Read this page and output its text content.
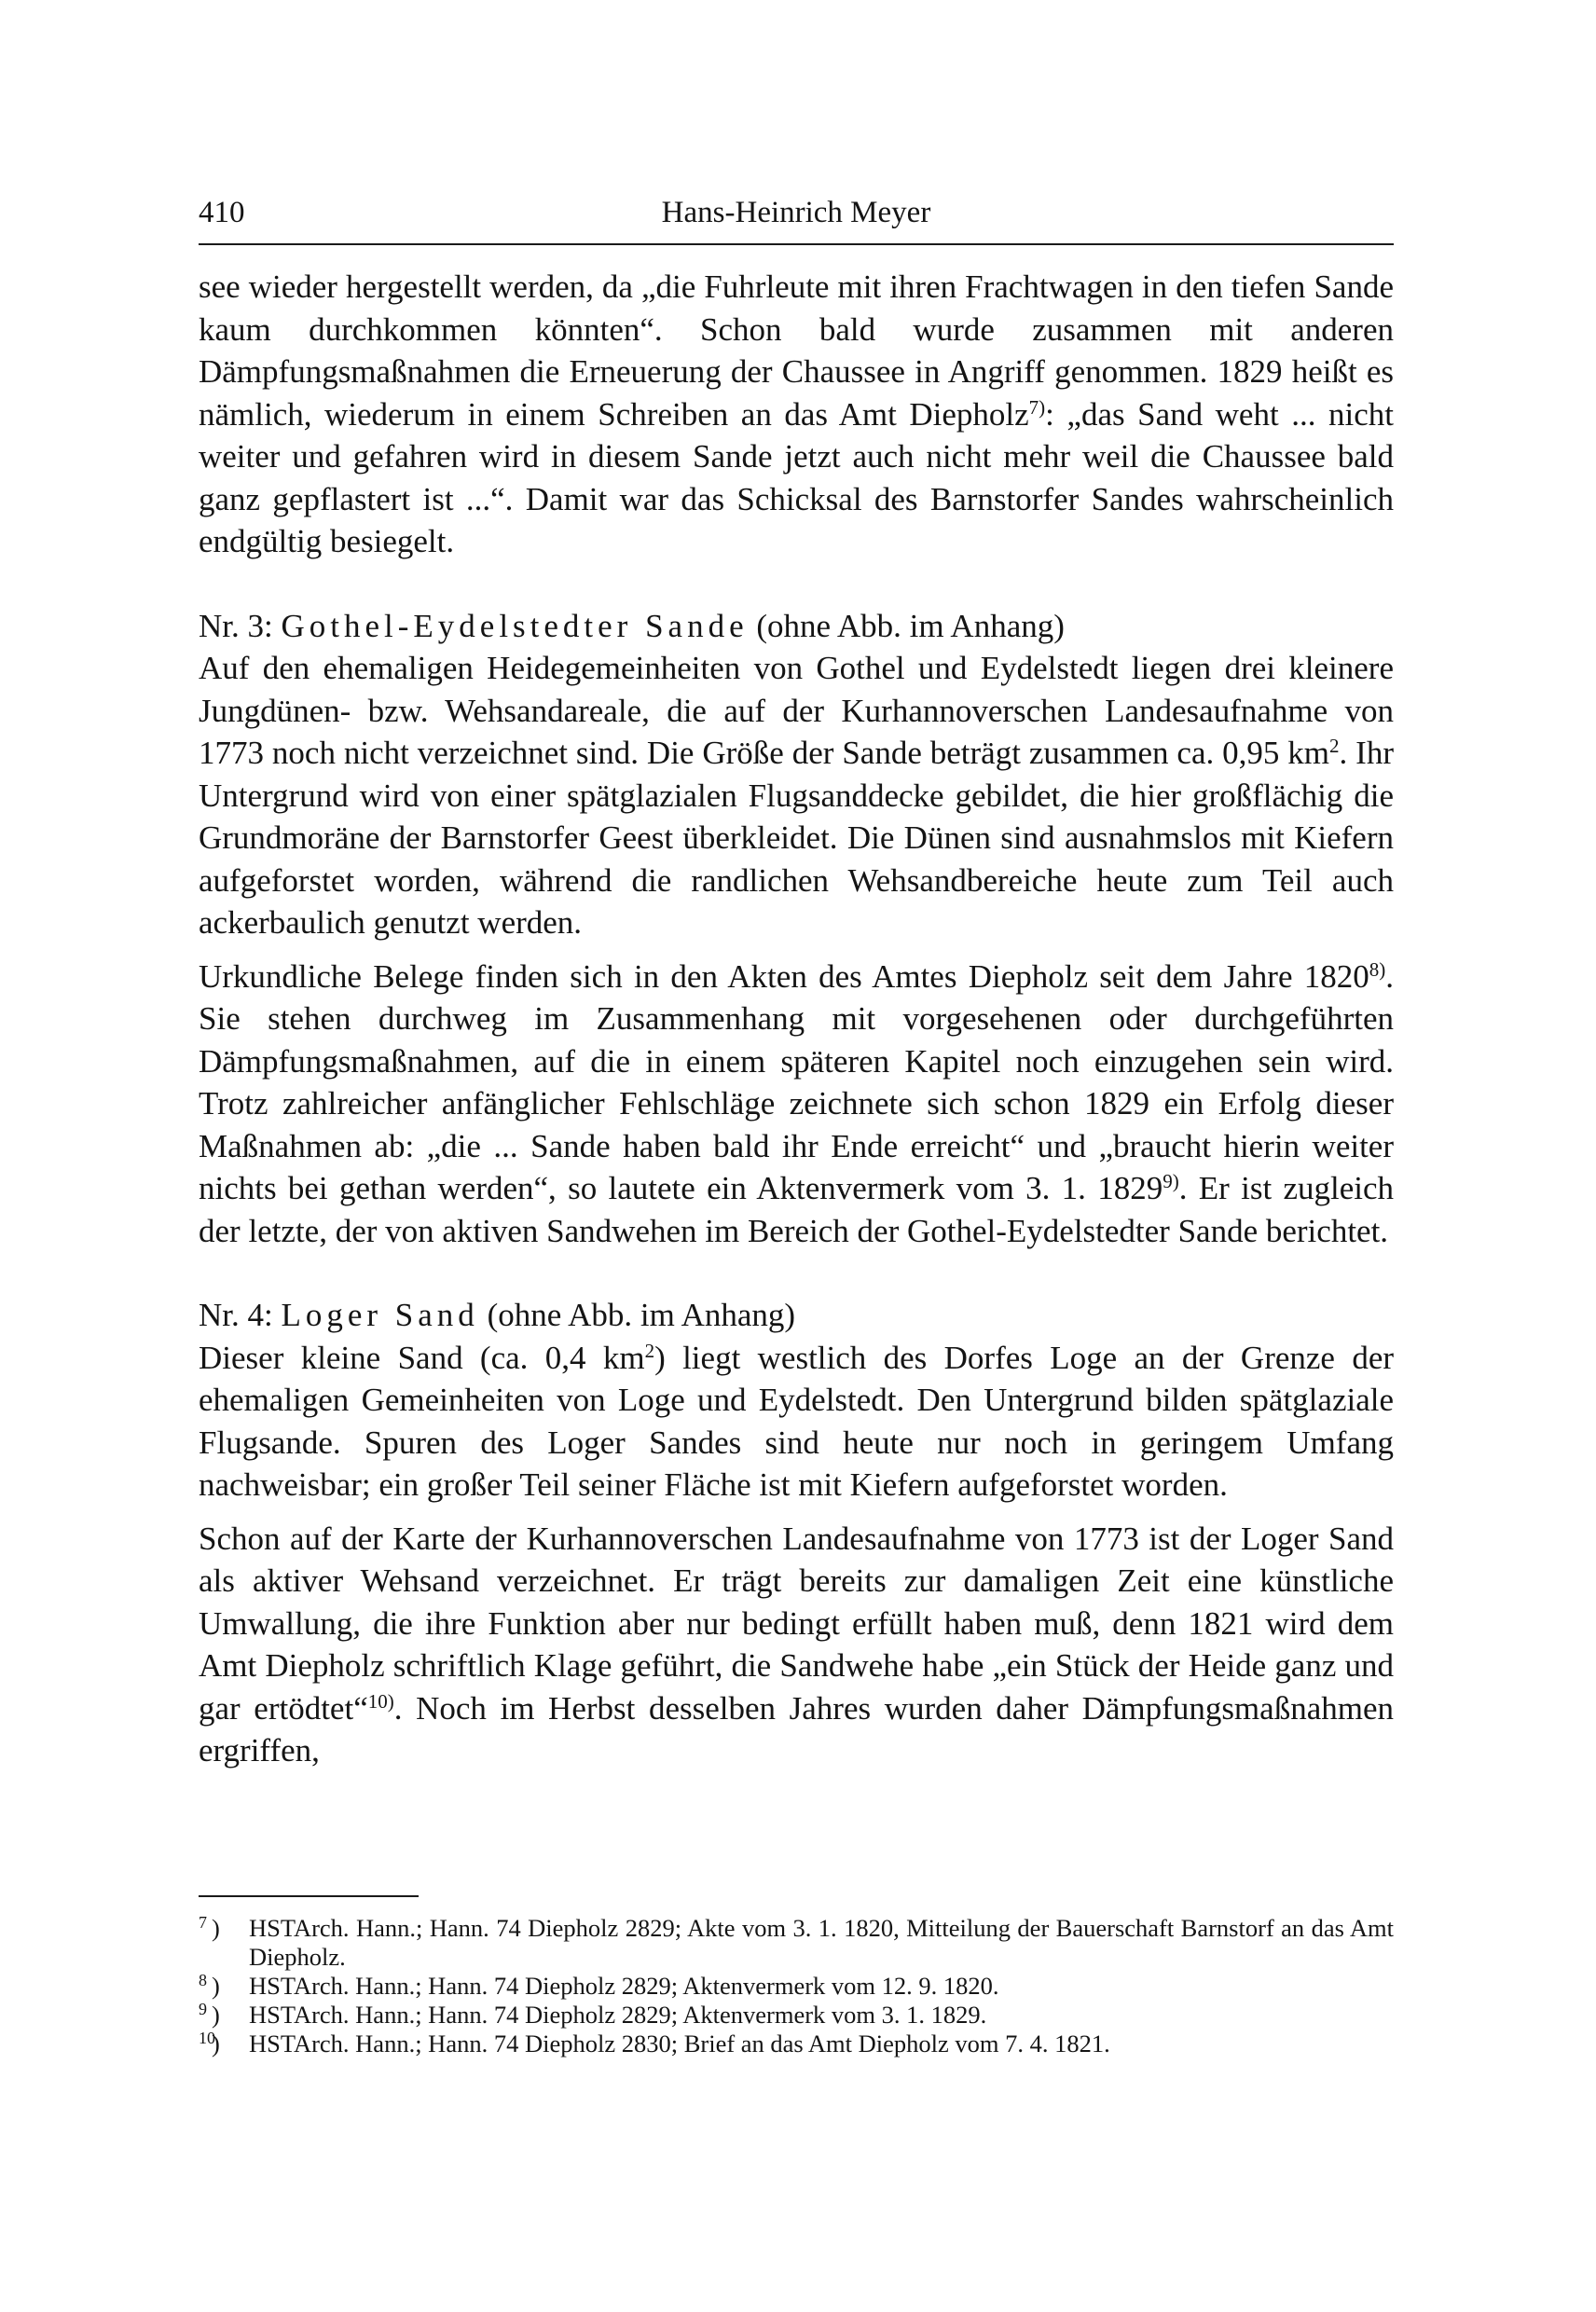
410	Hans-Heinrich Meyer

see wieder hergestellt werden, da „die Fuhrleute mit ihren Frachtwagen in den tiefen Sande kaum durchkommen könnten“. Schon bald wurde zusammen mit anderen Dämpfungsmaßnahmen die Erneuerung der Chaussee in Angriff genommen. 1829 heißt es nämlich, wiederum in einem Schreiben an das Amt Diepholz$^{7)}$: „das Sand weht ... nicht weiter und gefahren wird in diesem Sande jetzt auch nicht mehr weil die Chaussee bald ganz gepflastert ist ...“. Damit war das Schicksal des Barnstorfer Sandes wahrscheinlich endgültig besiegelt.

Nr. 3: Gothel-Eydelstedter Sande (ohne Abb. im Anhang)

Auf den ehemaligen Heidegemeinheiten von Gothel und Eydelstedt liegen drei kleinere Jungdünen- bzw. Wehsandareale, die auf der Kurhannoverschen Landesaufnahme von 1773 noch nicht verzeichnet sind. Die Größe der Sande beträgt zusammen ca. 0,95 $km^2$. Ihr Untergrund wird von einer spätglazialen Flugsanddecke gebildet, die hier großflächig die Grundmoräne der Barnstorfer Geest überkleidet. Die Dünen sind ausnahmslos mit Kiefern aufgeforstet worden, während die randlichen Wehsandbereiche heute zum Teil auch ackerbaulich genutzt werden.

Urkundliche Belege finden sich in den Akten des Amtes Diepholz seit dem Jahre 1820$^{8)}$. Sie stehen durchweg im Zusammenhang mit vorgesehenen oder durchgeführten Dämpfungsmaßnahmen, auf die in einem späteren Kapitel noch einzugehen sein wird. Trotz zahlreicher anfänglicher Fehlschläge zeichnete sich schon 1829 ein Erfolg dieser Maßnahmen ab: „die ... Sande haben bald ihr Ende erreicht“ und „braucht hierin weiter nichts bei gethan werden“, so lautete ein Aktenvermerk vom 3. 1. 1829$^{9)}$. Er ist zugleich der letzte, der von aktiven Sandwehen im Bereich der Gothel-Eydelstedter Sande berichtet.

Nr. 4: Loger Sand (ohne Abb. im Anhang)

Dieser kleine Sand (ca. 0,4 $km^2$) liegt westlich des Dorfes Loge an der Grenze der ehemaligen Gemeinheiten von Loge und Eydelstedt. Den Untergrund bilden spätglaziale Flugsande. Spuren des Loger Sandes sind heute nur noch in geringem Umfang nachweisbar; ein großer Teil seiner Fläche ist mit Kiefern aufgeforstet worden.

Schon auf der Karte der Kurhannoverschen Landesaufnahme von 1773 ist der Loger Sand als aktiver Wehsand verzeichnet. Er trägt bereits zur damaligen Zeit eine künstliche Umwallung, die ihre Funktion aber nur bedingt erfüllt haben muß, denn 1821 wird dem Amt Diepholz schriftlich Klage geführt, die Sandwehe habe „ein Stück der Heide ganz und gar ertödtet“$^{10)}$. Noch im Herbst desselben Jahres wurden daher Dämpfungsmaßnahmen ergriffen,

7 ) HSTArch. Hann.; Hann. 74 Diepholz 2829; Akte vom 3. 1. 1820, Mitteilung der Bauerschaft Barnstorf an das Amt Diepholz.
8 ) HSTArch. Hann.; Hann. 74 Diepholz 2829; Aktenvermerk vom 12. 9. 1820.
9 ) HSTArch. Hann.; Hann. 74 Diepholz 2829; Aktenvermerk vom 3. 1. 1829.
10
) HSTArch. Hann.; Hann. 74 Diepholz 2830; Brief an das Amt Diepholz vom 7. 4. 1821.
